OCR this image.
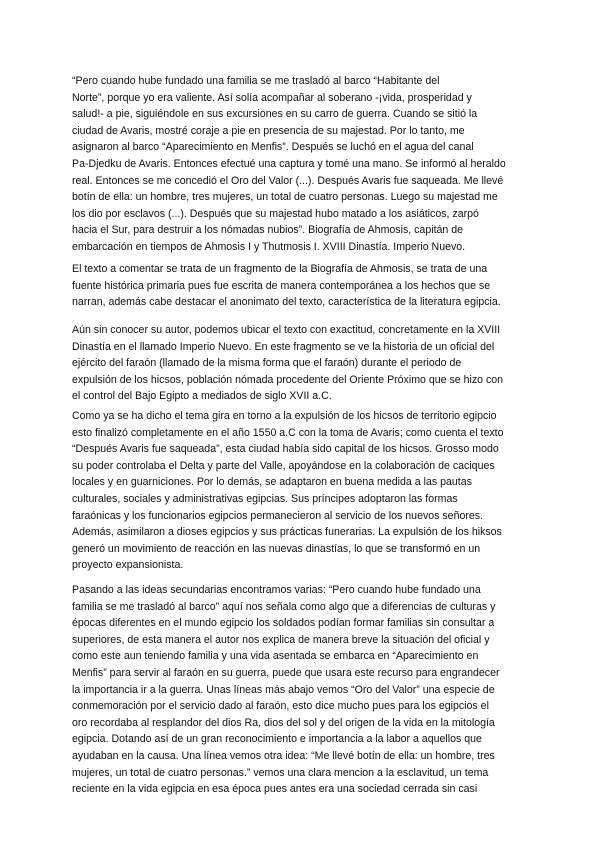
“Pero cuando hube fundado una familia se me trasladó al barco “Habitante del
Norte”, porque yo era valiente. Así solía acompañar al soberano -¡vida, prosperidad y
salud!- a pie, siguiéndole en sus excursiones en su carro de guerra. Cuando se sitió la
ciudad de Avaris, mostré coraje a pie en presencia de su majestad. Por lo tanto, me
asignaron al barco “Aparecimiento en Menfis”. Después se luchó en el agua del canal
Pa-Djedku de Avaris. Entonces efectué una captura y tomé una mano. Se informó al heraldo
real. Entonces se me concedió el Oro del Valor (...). Después Avaris fue saqueada. Me llevé
botín de ella: un hombre, tres mujeres, un total de cuatro personas. Luego su majestad me
los dio por esclavos (...). Después que su majestad hubo matado a los asiáticos, zarpó
hacia el Sur, para destruir a los nómadas nubios”. Biografía de Ahmosis, capitán de
embarcación en tiempos de Ahmosis I y Thutmosis I. XVIII Dinastía. Imperio Nuevo.
El texto a comentar se trata de un fragmento de la Biografía de Ahmosis, se trata de una
fuente histórica primaria pues fue escrita de manera contemporánea a los hechos que se
narran, además cabe destacar el anonimato del texto, característica de la literatura egipcia.
Aún sin conocer su autor, podemos ubicar el texto con exactitud, concretamente en la XVIII
Dinastía en el llamado Imperio Nuevo. En este fragmento se ve la historia de un oficial del
ejército del faraón (llamado de la misma forma que el faraón) durante el periodo de
expulsión de los hicsos, población nómada procedente del Oriente Próximo que se hizo con
el control del Bajo Egipto a mediados de siglo XVII a.C.
Como ya se ha dicho el tema gira en torno a la expulsión de los hicsos de territorio egipcio
esto finalizó completamente en el año 1550 a.C con la toma de Avaris; como cuenta el texto
“Después Avaris fue saqueada”, esta ciudad había sido capital de los hicsos. Grosso modo
su poder controlaba el Delta y parte del Valle, apoyándose en la colaboración de caciques
locales y en guarniciones. Por lo demás, se adaptaron en buena medida a las pautas
culturales, sociales y administrativas egipcias. Sus príncipes adoptaron las formas
faraónicas y los funcionarios egipcios permanecieron al servicio de los nuevos señores.
Además, asimilaron a dioses egipcios y sus prácticas funerarias. La expulsión de los hiksos
generó un movimiento de reacción en las nuevas dinastías, lo que se transformó en un
proyecto expansionista.
Pasando a las ideas secundarias encontramos varias: “Pero cuando hube fundado una
familia se me trasladó al barco” aquí nos señala como algo que a diferencias de culturas y
épocas diferentes en el mundo egipcio los soldados podían formar familias sin consultar a
superiores, de esta manera el autor nos explica de manera breve la situación del oficial y
como este aun teniendo familia y una vida asentada se embarca en “Aparecimiento en
Menfis” para servir al faraón en su guerra, puede que usara este recurso para engrandecer
la importancia ir a la guerra. Unas líneas más abajo vemos “Oro del Valor” una especie de
conmemoración por el servicio dado al faraón, esto dice mucho pues para los egipcios el
oro recordaba al resplandor del dios Ra, dios del sol y del origen de la vida en la mitología
egipcia. Dotando así de un gran reconocimiento e importancia a la labor a aquellos que
ayudaban en la causa. Una línea vemos otra idea: “Me llevé botín de ella: un hombre, tres
mujeres, un total de cuatro personas.” vemos una clara mencion a la esclavitud, un tema
reciente en la vida egipcia en esa época pues antes era una sociedad cerrada sin casi
